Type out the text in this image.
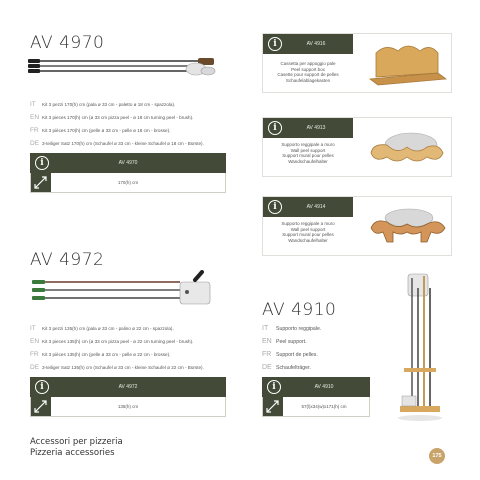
AV 4970
IT	Kit 3 pezzi 170(h) cm (pala ø 33 cm - paletto ø 18 cm - spazzola).
EN Kit 3 pieces 170(h) cm (ø 33 cm pizza peel - ø 18 cm turning peel - brush).
FR Kit 3 pièces 170(h) cm (pelle ø 33 cm - pelle ø 18 cm - brosse).
DE 3-teiliger Satz 170(h) cm (Schaufel ø 33 cm - kleine Schaufel ø 18 cm - Bürste).
i	AV 4970
170(h) cm
AV 4972
IT	Kit 3 pezzi 135(h) cm (pala ø 33 cm - palino ø 22 cm - spazzola).
EN Kit 3 pieces 135(h) cm (ø 33 cm pizza peel - ø 22 cm turning peel - brush).
FR Kit 3 pièces 135(h) cm (pelle ø 33 cm - pelle ø 22 cm - brosse).
DE 3-teiliger Satz 135(h) cm (Schaufel ø 33 cm - kleine Schaufel ø 22 cm - Bürste).
i	AV 4972
135(h) cm
i	AV 4916
Cassetta per appoggio pale
Peel support box
Casette pour support de pelles
Schaufelablagekasten
i	AV 4913
Supporto reggipale a muro
Wall peel support
Support mural pour pelles
Wandschaufelhalter
i	AV 4914
Supporto reggipale a muro
Wall peel support
Support mural pour pelles
Wandschaufelhalter
AV 4910
IT	Supporto reggipale.
EN Peel support.
FR Support de pelles.
DE Schaufelträger.
i	AV 4910
57(l)x34(w)x171(h) cm
Accessori per pizzeria
Pizzeria accessories	175
